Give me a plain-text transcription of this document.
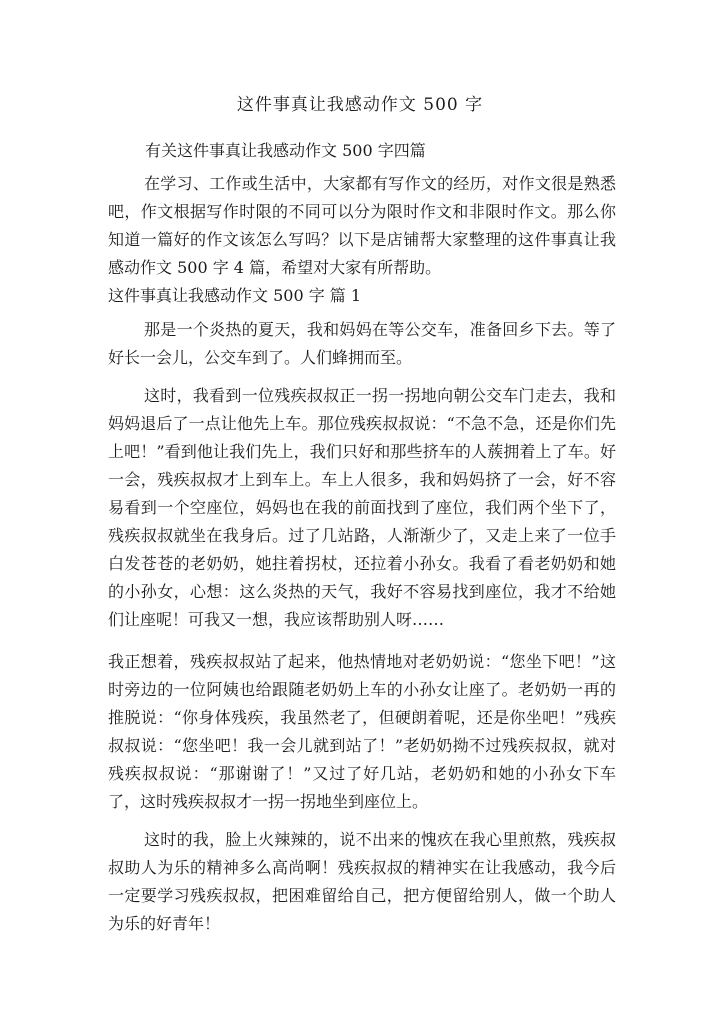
这件事真让我感动作文 500 字
有关这件事真让我感动作文 500 字四篇

在学习、工作或生活中，大家都有写作文的经历，对作文很是熟悉吧，作文根据写作时限的不同可以分为限时作文和非限时作文。那么你知道一篇好的作文该怎么写吗？以下是店铺帮大家整理的这件事真让我感动作文 500 字 4 篇，希望对大家有所帮助。

这件事真让我感动作文 500 字 篇 1

那是一个炎热的夏天，我和妈妈在等公交车，准备回乡下去。等了好长一会儿，公交车到了。人们蜂拥而至。

这时，我看到一位残疾叔叔正一拐一拐地向朝公交车门走去，我和妈妈退后了一点让他先上车。那位残疾叔叔说：“不急不急，还是你们先上吧！”看到他让我们先上，我们只好和那些挤车的人蔟拥着上了车。好一会，残疾叔叔才上到车上。车上人很多，我和妈妈挤了一会，好不容易看到一个空座位，妈妈也在我的前面找到了座位，我们两个坐下了，残疾叔叔就坐在我身后。过了几站路，人渐渐少了，又走上来了一位手白发苍苍的老奶奶，她拄着拐杖，还拉着小孙女。我看了看老奶奶和她的小孙女，心想：这么炎热的天气，我好不容易找到座位，我才不给她们让座呢！可我又一想，我应该帮助别人呀……

我正想着，残疾叔叔站了起来，他热情地对老奶奶说：“您坐下吧！”这时旁边的一位阿姨也给跟随老奶奶上车的小孙女让座了。老奶奶一再的推脱说：“你身体残疾，我虽然老了，但硬朗着呢，还是你坐吧！”残疾叔叔说：“您坐吧！我一会儿就到站了！”老奶奶拗不过残疾叔叔，就对残疾叔叔说：“那谢谢了！”又过了好几站，老奶奶和她的小孙女下车了，这时残疾叔叔才一拐一拐地坐到座位上。

这时的我，脸上火辣辣的，说不出来的愧疚在我心里煎熬，残疾叔叔助人为乐的精神多么高尚啊！残疾叔叔的精神实在让我感动，我今后一定要学习残疾叔叔，把困难留给自己，把方便留给别人，做一个助人为乐的好青年！
